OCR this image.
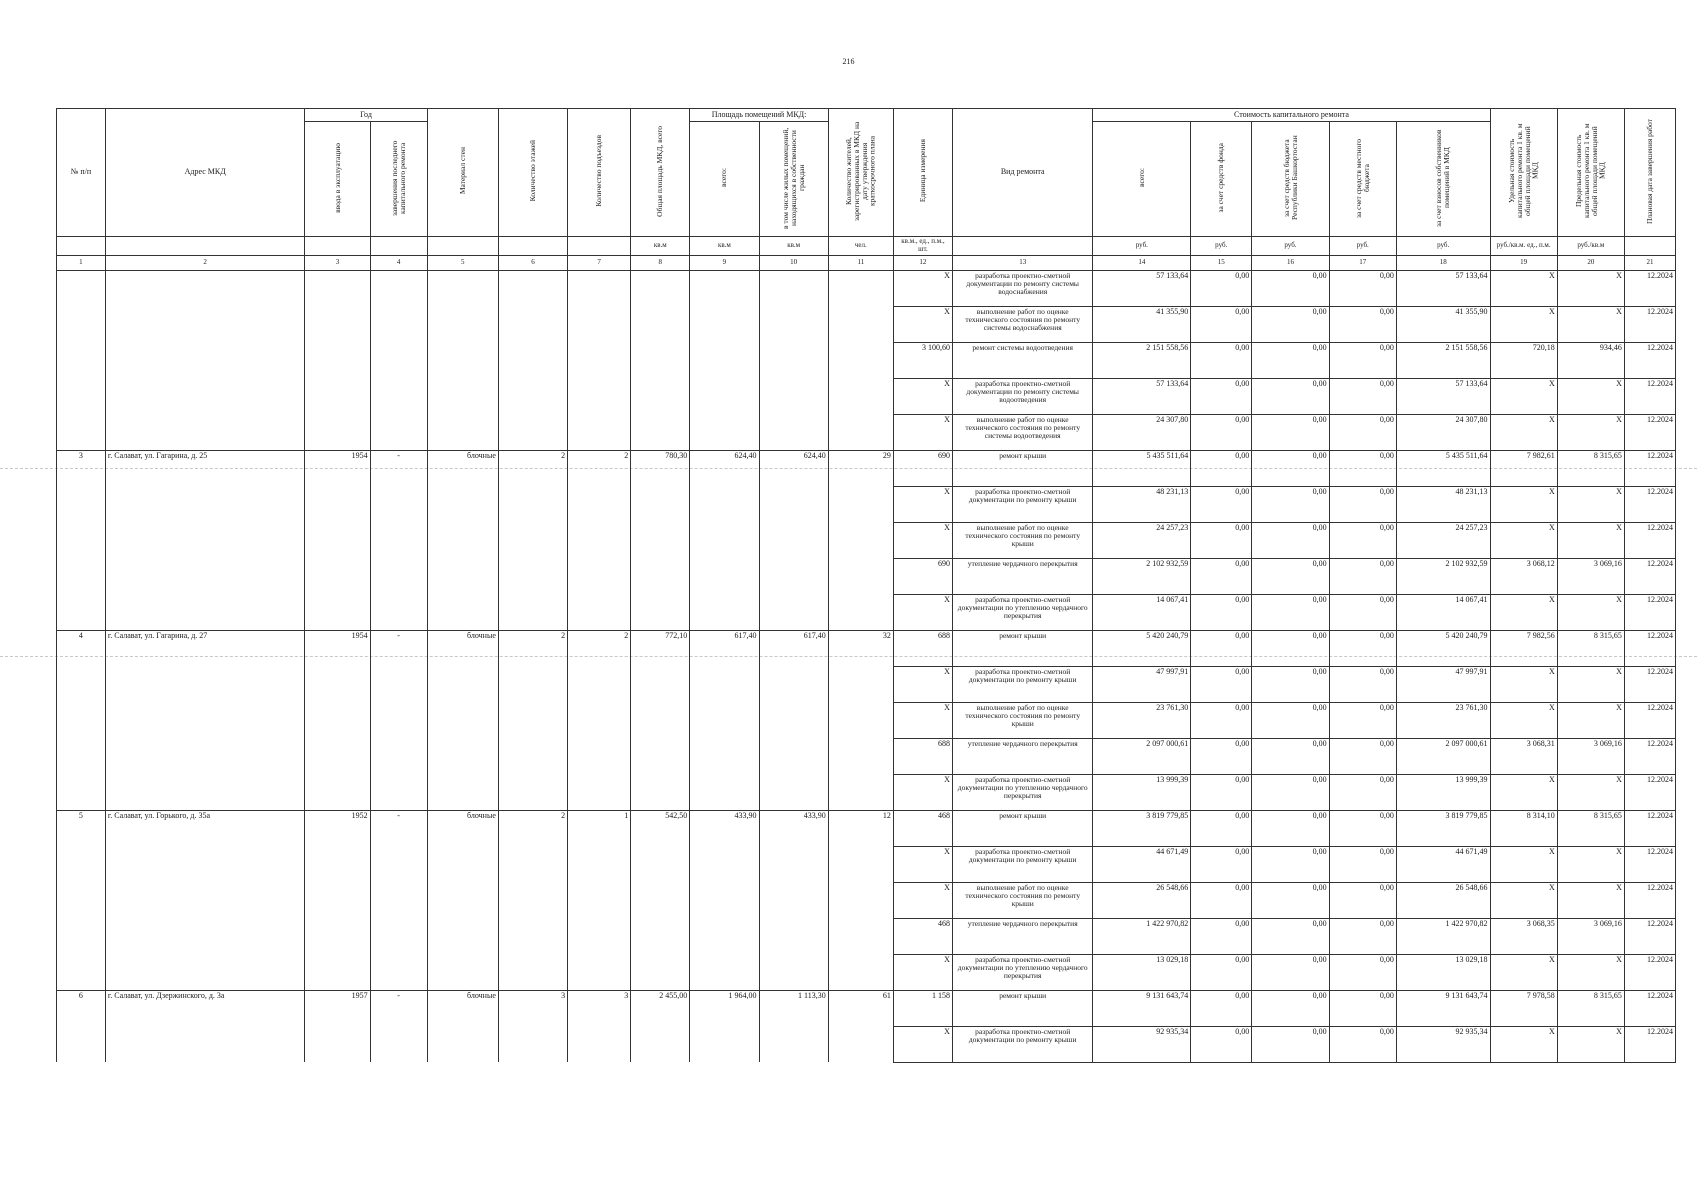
216
№ п/п	Адрес МКД	Год		Материал стен	Количество этажей	Количество подъездов	Общая площадь МКД, всего	Площадь помещений МКД:		Количество жителей, зарегистрированных в МКД на дату утверждения краткосрочного плана	Единица измерения	Вид ремонта	Стоимость капитального ремонта					Удельная стоимость капитального ремонта 1 кв. м общей площади помещений МКД	Предельная стоимость капитального ремонта 1 кв. м общей площади помещений МКД	Плановая дата завершения работ
		ввода в эксплуатацию	завершения последнего капитального ремонта					всего:	в том числе жилых помещений, находящихся в собственности граждан				всего:	за счет средств фонда	за счет средств бюджета Республики Башкортостан	за счет средств местного бюджета	за счет взносов собственников помещений в МКД			
							кв.м	кв.м	кв.м	чел.	кв.м., ед., п.м., шт.		руб.	руб.	руб.	руб.	руб.	руб./кв.м. ед., п.м.	руб./кв.м	
1	2	3	4	5	6	7	8	9	10	11	12	13	14	15	16	17	18	19	20	21
											X	разработка проектно-сметной документации по ремонту системы водоснабжения	57 133,64	0,00	0,00	0,00	57 133,64	X	X	12.2024
											X	выполнение работ по оценке технического состояния по ремонту системы водоснабжения	41 355,90	0,00	0,00	0,00	41 355,90	X	X	12.2024
											3 100,60	ремонт системы водоотведения	2 151 558,56	0,00	0,00	0,00	2 151 558,56	720,18	934,46	12.2024
											X	разработка проектно-сметной документации по ремонту системы водоотведения	57 133,64	0,00	0,00	0,00	57 133,64	X	X	12.2024
											X	выполнение работ по оценке технического состояния по ремонту системы водоотведения	24 307,80	0,00	0,00	0,00	24 307,80	X	X	12.2024
3	г. Салават, ул. Гагарина, д. 25	1954	-	блочные	2	2	780,30	624,40	624,40	29	690	ремонт крыши	5 435 511,64	0,00	0,00	0,00	5 435 511,64	7 982,61	8 315,65	12.2024
											X	разработка проектно-сметной документации по ремонту крыши	48 231,13	0,00	0,00	0,00	48 231,13	X	X	12.2024
											X	выполнение работ по оценке технического состояния по ремонту крыши	24 257,23	0,00	0,00	0,00	24 257,23	X	X	12.2024
											690	утепление чердачного перекрытия	2 102 932,59	0,00	0,00	0,00	2 102 932,59	3 068,12	3 069,16	12.2024
											X	разработка проектно-сметной документации по утеплению чердачного перекрытия	14 067,41	0,00	0,00	0,00	14 067,41	X	X	12.2024
4	г. Салават, ул. Гагарина, д. 27	1954	-	блочные	2	2	772,10	617,40	617,40	32	688	ремонт крыши	5 420 240,79	0,00	0,00	0,00	5 420 240,79	7 982,56	8 315,65	12.2024
											X	разработка проектно-сметной документации по ремонту крыши	47 997,91	0,00	0,00	0,00	47 997,91	X	X	12.2024
											X	выполнение работ по оценке технического состояния по ремонту крыши	23 761,30	0,00	0,00	0,00	23 761,30	X	X	12.2024
											688	утепление чердачного перекрытия	2 097 000,61	0,00	0,00	0,00	2 097 000,61	3 068,31	3 069,16	12.2024
											X	разработка проектно-сметной документации по утеплению чердачного перекрытия	13 999,39	0,00	0,00	0,00	13 999,39	X	X	12.2024
5	г. Салават, ул. Горького, д. 35а	1952	-	блочные	2	1	542,50	433,90	433,90	12	468	ремонт крыши	3 819 779,85	0,00	0,00	0,00	3 819 779,85	8 314,10	8 315,65	12.2024
											X	разработка проектно-сметной документации по ремонту крыши	44 671,49	0,00	0,00	0,00	44 671,49	X	X	12.2024
											X	выполнение работ по оценке технического состояния по ремонту крыши	26 548,66	0,00	0,00	0,00	26 548,66	X	X	12.2024
											468	утепление чердачного перекрытия	1 422 970,82	0,00	0,00	0,00	1 422 970,82	3 068,35	3 069,16	12.2024
											X	разработка проектно-сметной документации по утеплению чердачного перекрытия	13 029,18	0,00	0,00	0,00	13 029,18	X	X	12.2024
6	г. Салават, ул. Дзержинского, д. 3а	1957	-	блочные	3	3	2 455,00	1 964,00	1 113,30	61	1 158	ремонт крыши	9 131 643,74	0,00	0,00	0,00	9 131 643,74	7 978,58	8 315,65	12.2024
											X	разработка проектно-сметной документации по ремонту крыши	92 935,34	0,00	0,00	0,00	92 935,34	X	X	12.2024
